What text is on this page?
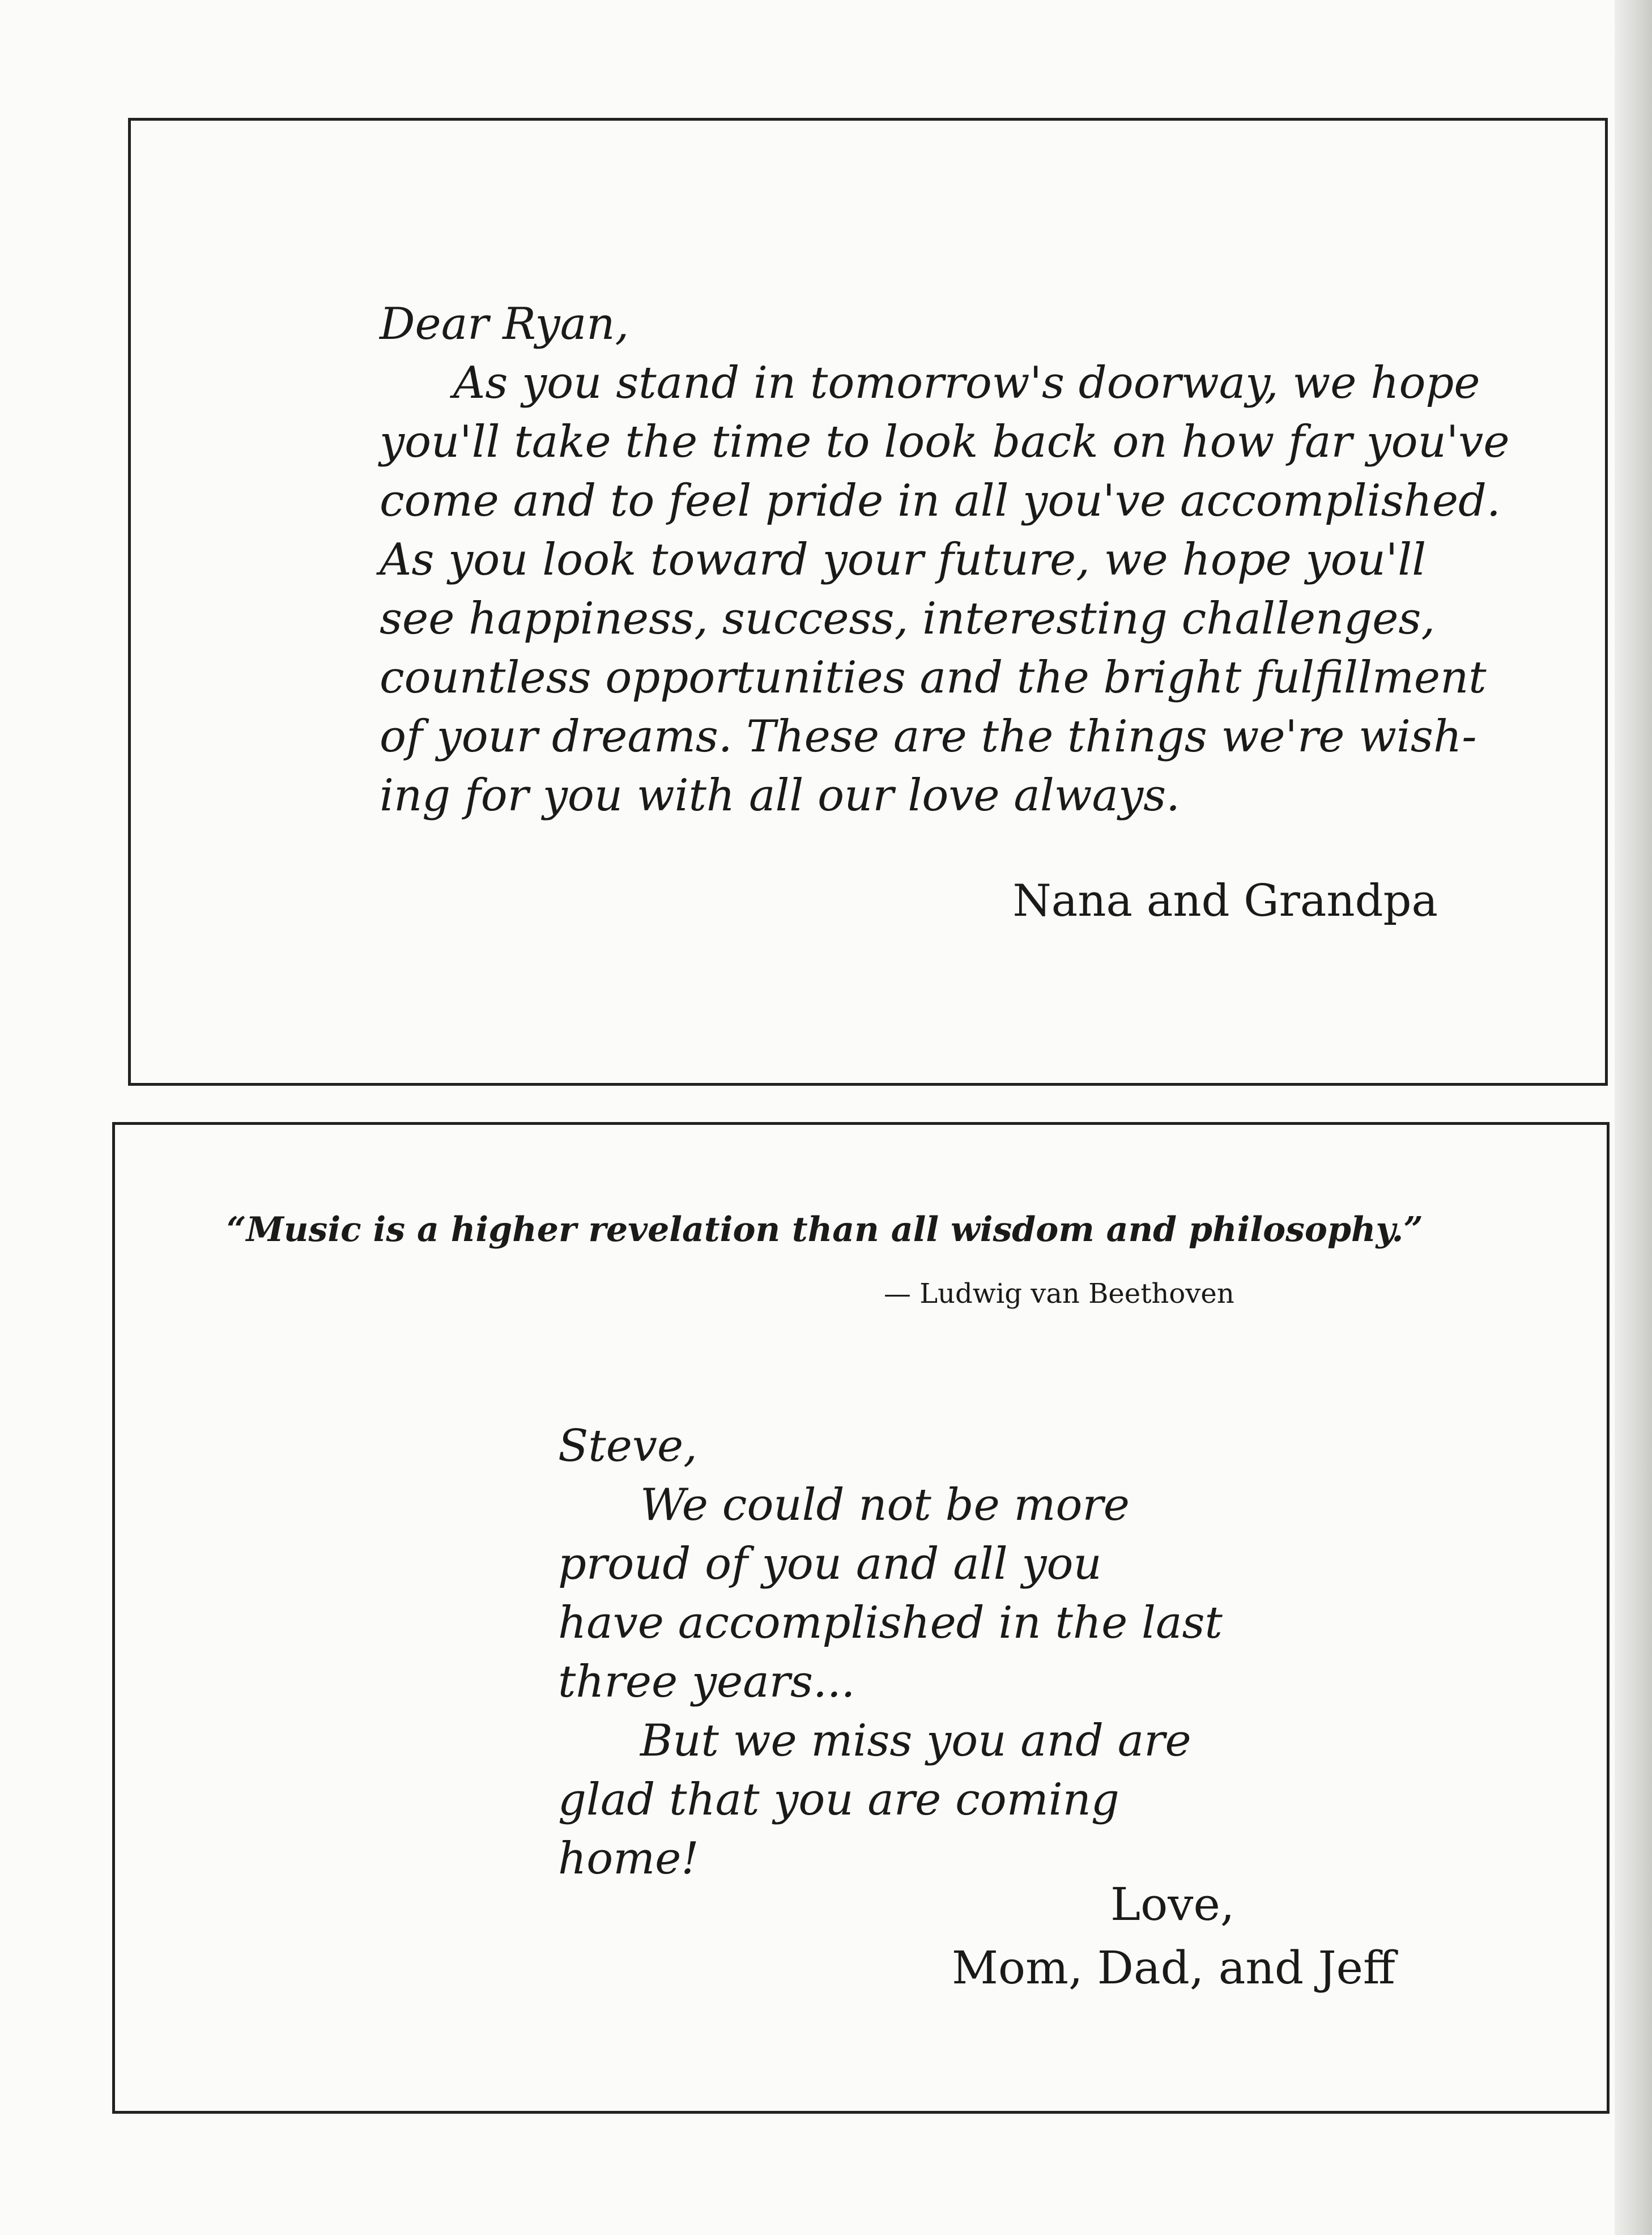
Dear Ryan,
As you stand in tomorrow's doorway, we hope
you'll take the time to look back on how far you've
come and to feel pride in all you've accomplished.
As you look toward your future, we hope you'll
see happiness, success, interesting challenges,
countless opportunities and the bright fulfillment
of your dreams. These are the things we're wish-
ing for you with all our love always.
Nana and Grandpa
“Music is a higher revelation than all wisdom and philosophy.”
— Ludwig van Beethoven
Steve,
We could not be more
proud of you and all you
have accomplished in the last
three years...
But we miss you and are
glad that you are coming
home!
Love,
Mom, Dad, and Jeff
